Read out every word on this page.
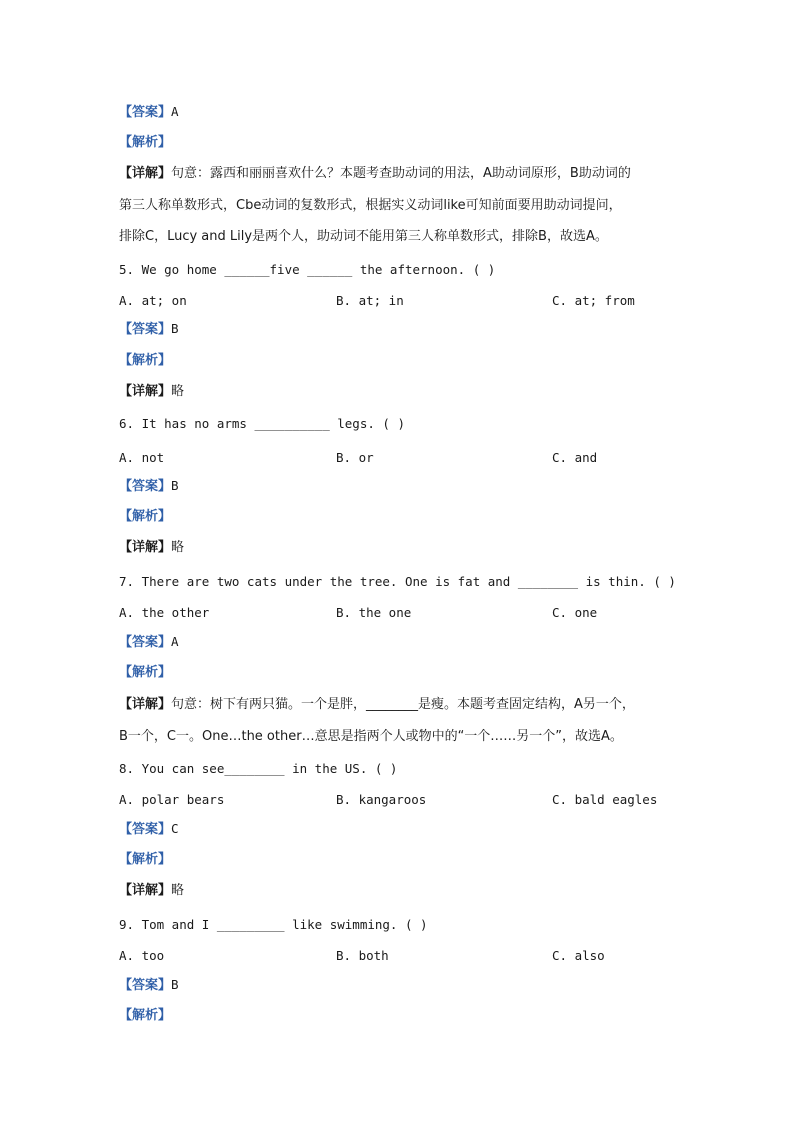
【答案】A
【解析】
【详解】句意：露西和丽丽喜欢什么？本题考查助动词的用法，A助动词原形，B助动词的
第三人称单数形式，Cbe动词的复数形式，根据实义动词like可知前面要用助动词提问，
排除C，Lucy and Lily是两个人，助动词不能用第三人称单数形式，排除B，故选A。
5. We go home ______five ______ the afternoon. ( )
A. at; on	B. at; in	C. at; from
【答案】B
【解析】
【详解】略
6. It has no arms __________ legs. ( )
A. not	B. or	C. and
【答案】B
【解析】
【详解】略
7. There are two cats under the tree. One is fat and ________ is thin. ( )
A. the other	B. the one	C. one
【答案】A
【解析】
【详解】句意：树下有两只猫。一个是胖，________是瘦。本题考查固定结构，A另一个，
B一个，C一。One…the other…意思是指两个人或物中的“一个……另一个”，故选A。
8. You can see________ in the US. ( )
A. polar bears	B. kangaroos	C. bald eagles
【答案】C
【解析】
【详解】略
9. Tom and I _________ like swimming. ( )
A. too	B. both	C. also
【答案】B
【解析】
